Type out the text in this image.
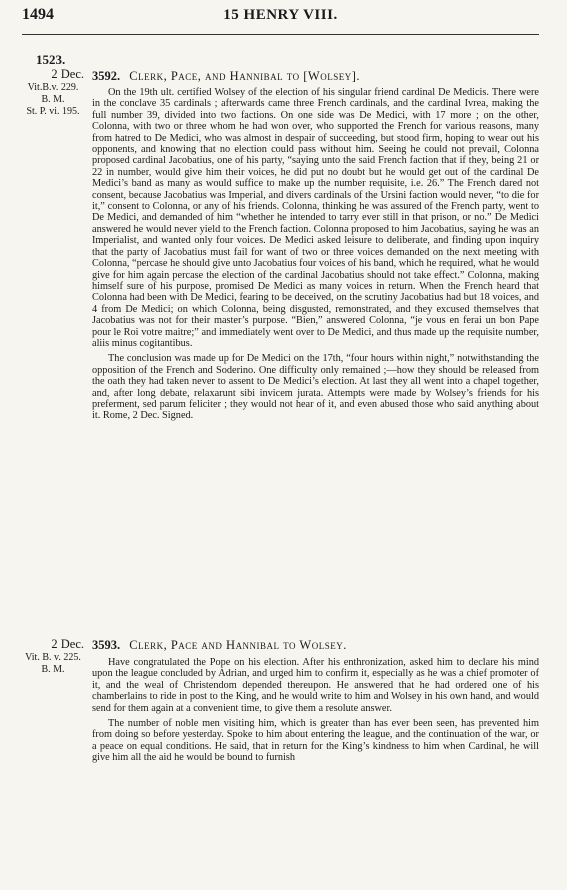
1494	15 HENRY VIII.
1523.
2 Dec.
Vit.B.v. 229.
B. M.
St. P. vi. 195.
3592. Clerk, Pace, and Hannibal to [Wolsey].

On the 19th ult. certified Wolsey of the election of his singular friend cardinal De Medicis. There were in the conclave 35 cardinals ; afterwards came three French cardinals, and the cardinal Ivrea, making the full number 39, divided into two factions. On one side was De Medici, with 17 more ; on the other, Colonna, with two or three whom he had won over, who supported the French for various reasons, many from hatred to De Medici, who was almost in despair of succeeding, but stood firm, hoping to wear out his opponents, and knowing that no election could pass without him. Seeing he could not prevail, Colonna proposed cardinal Jacobatius, one of his party, “saying unto the said French faction that if they, being 21 or 22 in number, would give him their voices, he did put no doubt but he would get out of the cardinal De Medici’s band as many as would suffice to make up the number requisite, i.e. 26.” The French dared not consent, because Jacobatius was Imperial, and divers cardinals of the Ursini faction would never, “to die for it,” consent to Colonna, or any of his friends. Colonna, thinking he was assured of the French party, went to De Medici, and demanded of him “whether he intended to tarry ever still in that prison, or no.” De Medici answered he would never yield to the French faction. Colonna proposed to him Jacobatius, saying he was an Imperialist, and wanted only four voices. De Medici asked leisure to deliberate, and finding upon inquiry that the party of Jacobatius must fail for want of two or three voices demanded on the next meeting with Colonna, “percase he should give unto Jacobatius four voices of his band, which he required, what he would give for him again percase the election of the cardinal Jacobatius should not take effect.” Colonna, making himself sure of his purpose, promised De Medici as many voices in return. When the French heard that Colonna had been with De Medici, fearing to be deceived, on the scrutiny Jacobatius had but 18 voices, and 4 from De Medici; on which Colonna, being disgusted, remonstrated, and they excused themselves that Jacobatius was not for their master’s purpose. “Bien,” answered Colonna, “je vous en ferai un bon Pape pour le Roi votre maitre;” and immediately went over to De Medici, and thus made up the requisite number, aliis minus cogitantibus.

The conclusion was made up for De Medici on the 17th, “four hours within night,” notwithstanding the opposition of the French and Soderino. One difficulty only remained ;—how they should be released from the oath they had taken never to assent to De Medici’s election. At last they all went into a chapel together, and, after long debate, relaxarunt sibi invicem jurata. Attempts were made by Wolsey’s friends for his preferment, sed parum feliciter ; they would not hear of it, and even abused those who said anything about it. Rome, 2 Dec. Signed.

2 Dec.
Vit. B. v. 225.
B. M.
3593. Clerk, Pace and Hannibal to Wolsey.

Have congratulated the Pope on his election. After his enthronization, asked him to declare his mind upon the league concluded by Adrian, and urged him to confirm it, especially as he was a chief promoter of it, and the weal of Christendom depended thereupon. He answered that he had ordered one of his chamberlains to ride in post to the King, and he would write to him and Wolsey in his own hand, and would send for them again at a convenient time, to give them a resolute answer.

The number of noble men visiting him, which is greater than has ever been seen, has prevented him from doing so before yesterday. Spoke to him about entering the league, and the continuation of the war, or a peace on equal conditions. He said, that in return for the King’s kindness to him when Cardinal, he will give him all the aid he would be bound to furnish
